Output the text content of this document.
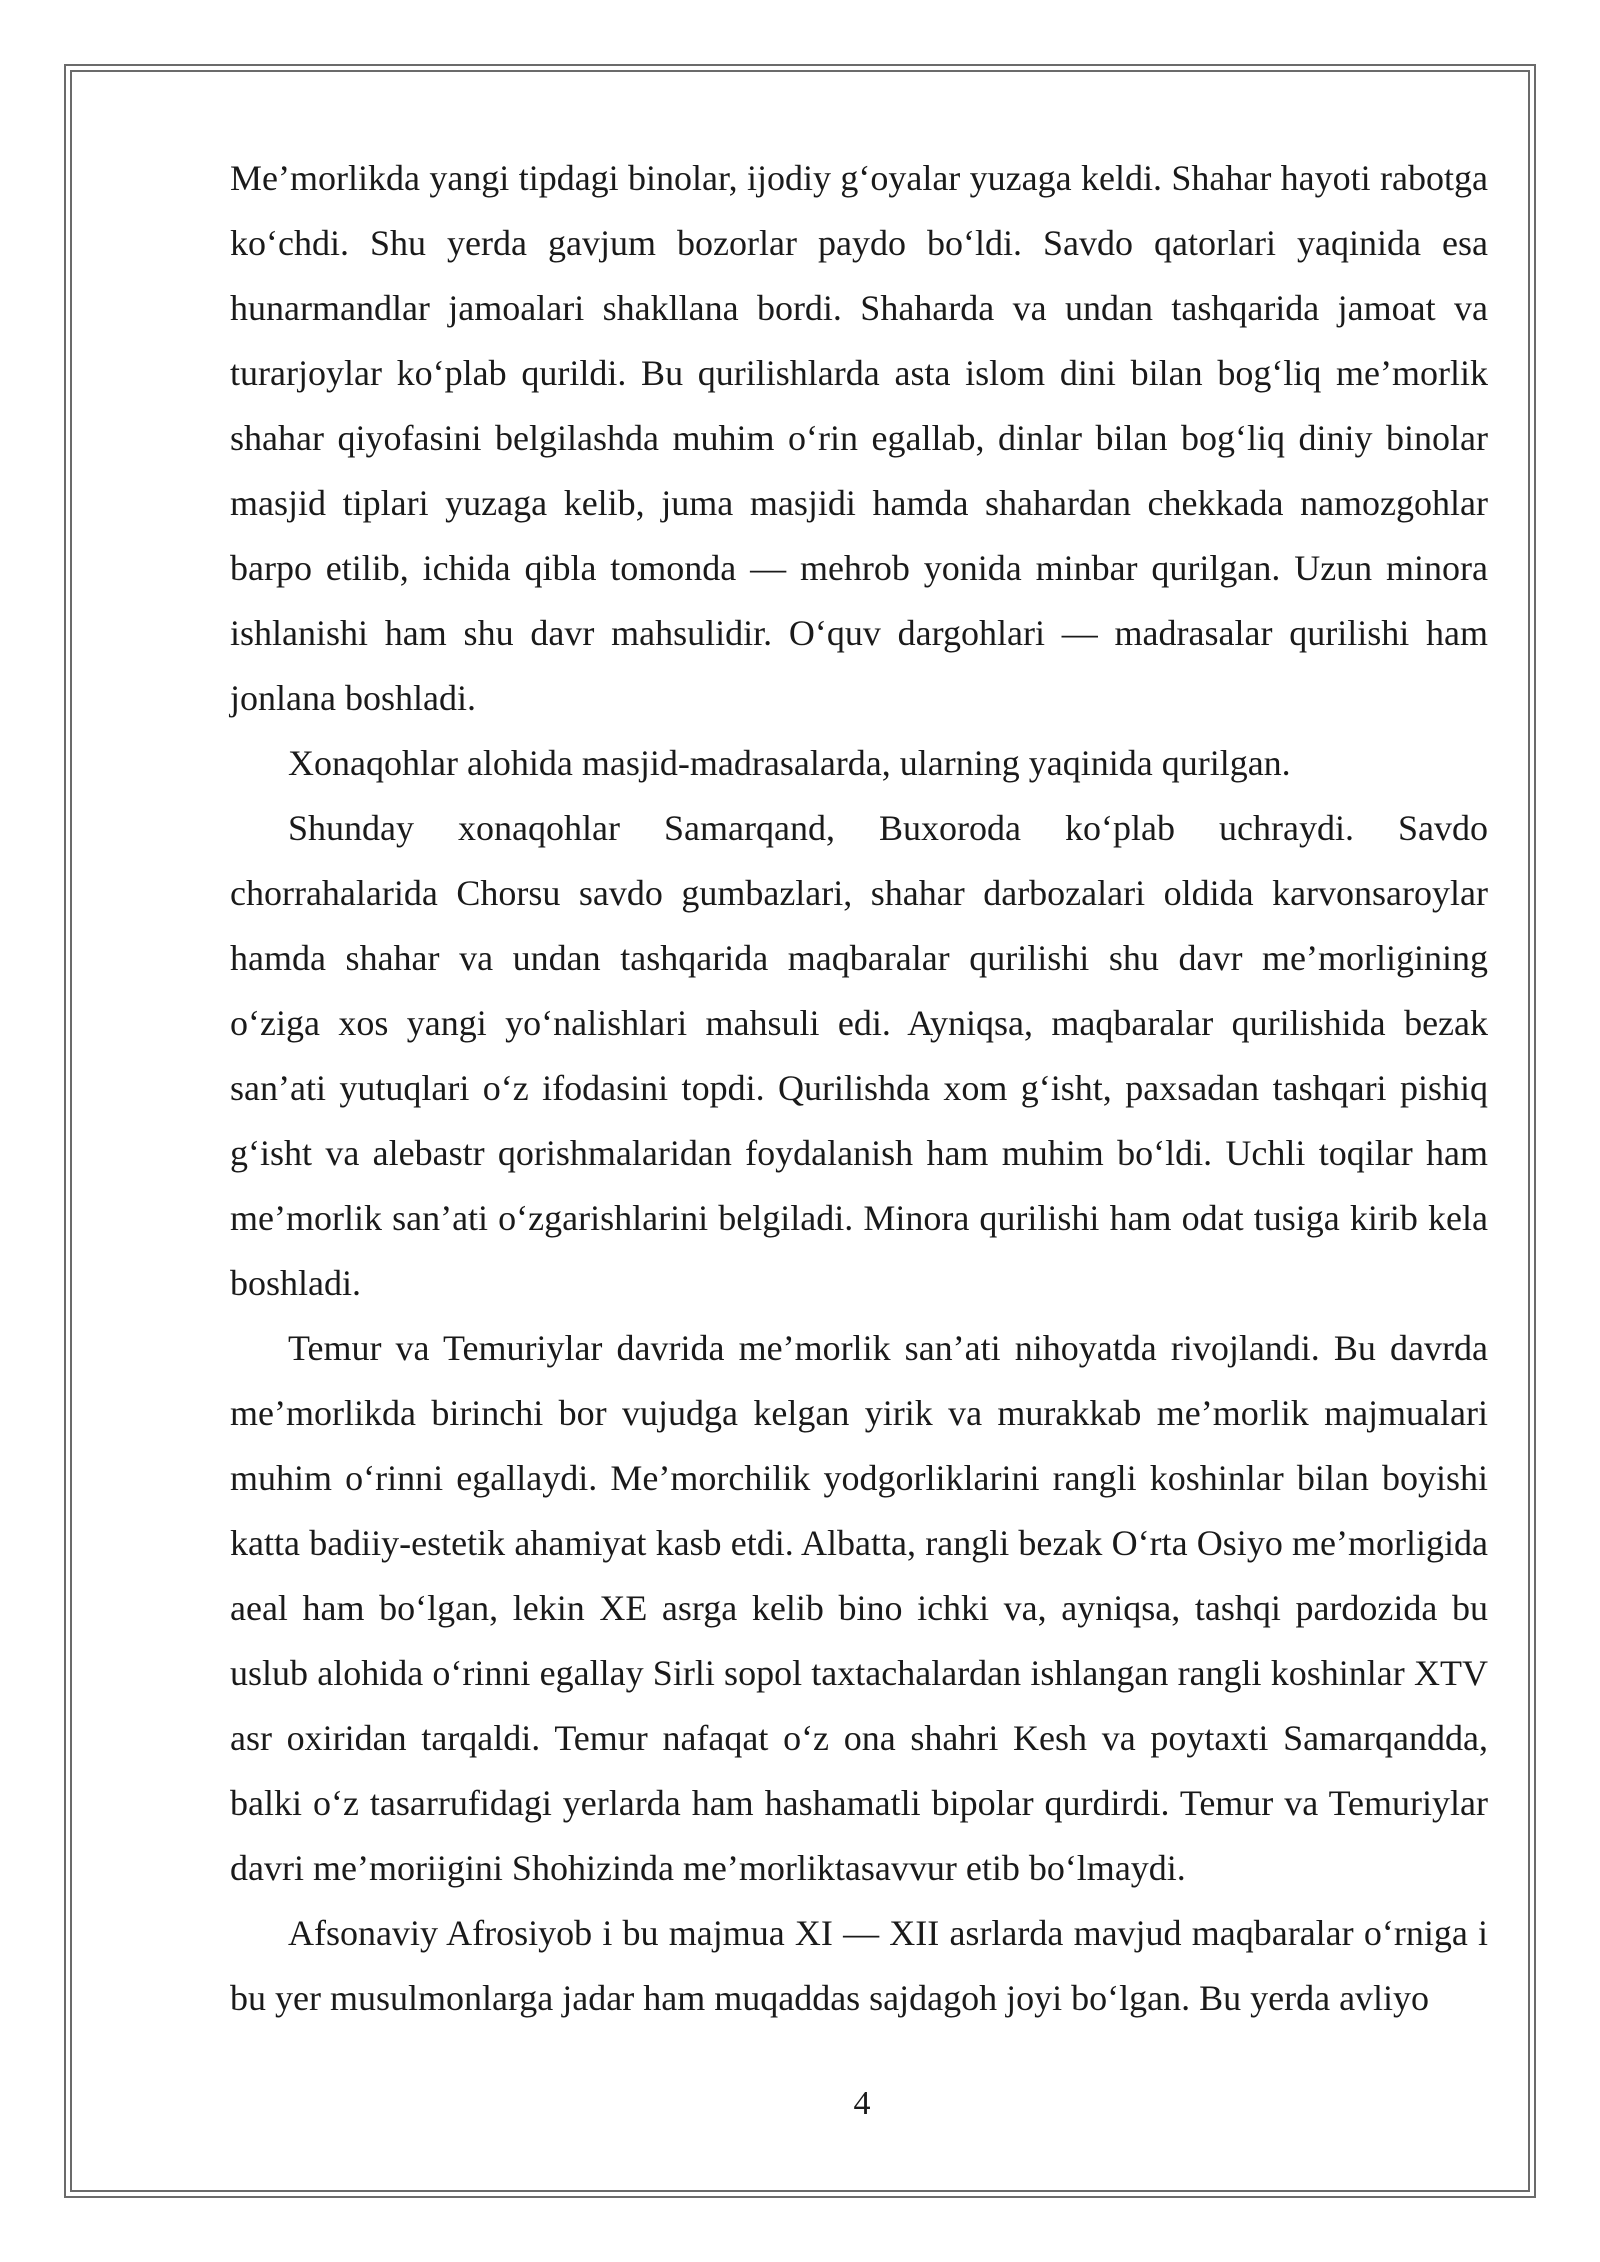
Me’morlikda yangi tipdagi binolar, ijodiy g‘oyalar yuzaga keldi. Shahar hayoti rabotga ko‘chdi. Shu yerda gavjum bozorlar paydo bo‘ldi. Savdo qatorlari yaqinida esa hunarmandlar jamoalari shakllana bordi. Shaharda va undan tashqarida jamoat va turarjoylar ko‘plab qurildi. Bu qurilishlarda asta islom dini bilan bog‘liq me’morlik shahar qiyofasini belgilashda muhim o‘rin egallab, dinlar bilan bog‘liq diniy binolar masjid tiplari yuzaga kelib, juma masjidi hamda shahardan chekkada namozgohlar barpo etilib, ichida qibla tomonda — mehrob yonida minbar qurilgan. Uzun minora ishlanishi ham shu davr mahsulidir. O‘quv dargohlari — madrasalar qurilishi ham jonlana boshladi.

Xonaqohlar alohida masjid-madrasalarda, ularning yaqinida qurilgan.

Shunday xonaqohlar Samarqand, Buxoroda ko‘plab uchraydi. Savdo chorrahalarida Chorsu savdo gumbazlari, shahar darbozalari oldida karvonsaroylar hamda shahar va undan tashqarida maqbaralar qurilishi shu davr me’morligining o‘ziga xos yangi yo‘nalishlari mahsuli edi. Ayniqsa, maqbaralar qurilishida bezak san’ati yutuqlari o‘z ifodasini topdi. Qurilishda xom g‘isht, paxsadan tashqari pishiq g‘isht va alebastr qorishmalaridan foydalanish ham muhim bo‘ldi. Uchli toqilar ham me’morlik san’ati o‘zgarishlarini belgiladi. Minora qurilishi ham odat tusiga kirib kela boshladi.

Temur va Temuriylar davrida me’morlik san’ati nihoyatda rivojlandi. Bu davrda me’morlikda birinchi bor vujudga kelgan yirik va murakkab me’morlik majmualari muhim o‘rinni egallaydi. Me’morchilik yodgorliklarini rangli koshinlar bilan boyishi katta badiiy-estetik ahamiyat kasb etdi. Albatta, rangli bezak O‘rta Osiyo me’morligida aeal ham bo‘lgan, lekin XE asrga kelib bino ichki va, ayniqsa, tashqi pardozida bu uslub alohida o‘rinni egallay Sirli sopol taxtachalardan ishlangan rangli koshinlar XTV asr oxiridan tarqaldi. Temur nafaqat o‘z ona shahri Kesh va poytaxti Samarqandda, balki o‘z tasarrufidagi yerlarda ham hashamatli bipolar qurdirdi. Temur va Temuriylar davri me’moriigini Shohizinda me’morliktasavvur etib bo‘lmaydi.

Afsonaviy Afrosiyob i bu majmua XI — XII asrlarda mavjud maqbaralar o‘rniga i bu yer musulmonlarga jadar ham muqaddas sajdagoh joyi bo‘lgan. Bu yerda avliyo

4
